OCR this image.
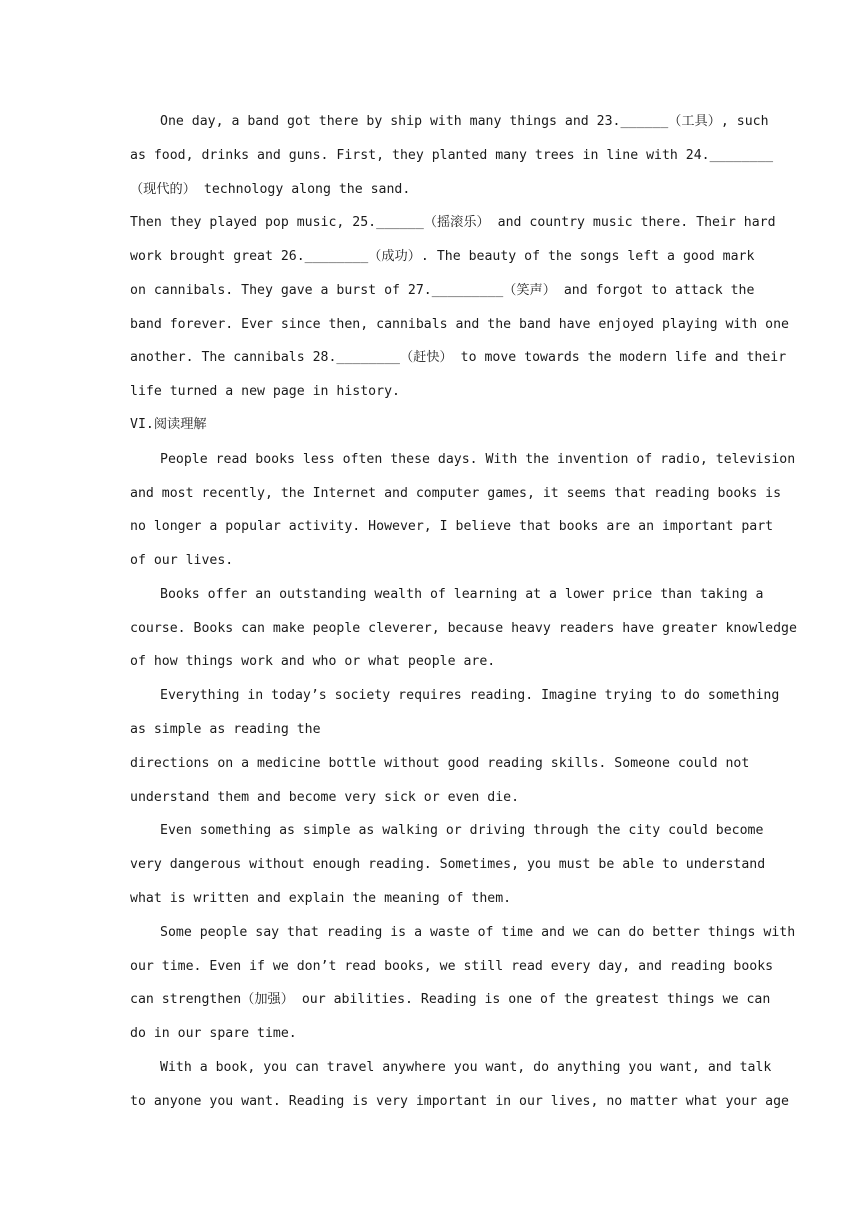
One day, a band got there by ship with many things and 23.______（工具）, such
as food, drinks and guns. First, they planted many trees in line with 24.________
（现代的） technology along the sand.
Then they played pop music, 25.______（摇滚乐） and country music there. Their hard
work brought great 26.________（成功）. The beauty of the songs left a good mark
on cannibals. They gave a burst of 27._________（笑声） and forgot to attack the
band forever. Ever since then, cannibals and the band have enjoyed playing with one
another. The cannibals 28.________（赶快） to move towards the modern life and their
life turned a new page in history.
VI.阅读理解
People read books less often these days. With the invention of radio, television
and most recently, the Internet and computer games, it seems that reading books is
no longer a popular activity. However, I believe that books are an important part
of our lives.
Books offer an outstanding wealth of learning at a lower price than taking a
course. Books can make people cleverer, because heavy readers have greater knowledge
of how things work and who or what people are.
Everything in today’s society requires reading. Imagine trying to do something
as simple as reading the
directions on a medicine bottle without good reading skills. Someone could not
understand them and become very sick or even die.
Even something as simple as walking or driving through the city could become
very dangerous without enough reading. Sometimes, you must be able to understand
what is written and explain the meaning of them.
Some people say that reading is a waste of time and we can do better things with
our time. Even if we don’t read books, we still read every day, and reading books
can strengthen（加强） our abilities. Reading is one of the greatest things we can
do in our spare time.
With a book, you can travel anywhere you want, do anything you want, and talk
to anyone you want. Reading is very important in our lives, no matter what your age
